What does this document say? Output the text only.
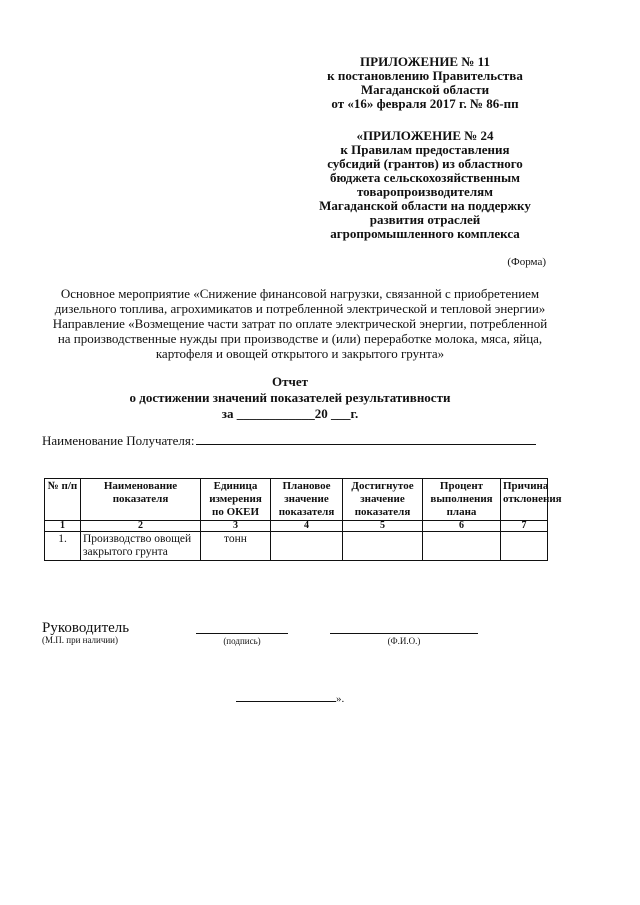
ПРИЛОЖЕНИЕ № 11
к постановлению Правительства
Магаданской области
от «16» февраля 2017 г. № 86-пп
«ПРИЛОЖЕНИЕ № 24
к Правилам предоставления
субсидий (грантов) из областного
бюджета сельскохозяйственным
товаропроизводителям
Магаданской области на поддержку
развития отраслей
агропромышленного комплекса
(Форма)
Основное мероприятие «Снижение финансовой нагрузки, связанной с приобретением
дизельного топлива, агрохимикатов и потребленной электрической и тепловой энергии»
Направление «Возмещение части затрат по оплате электрической энергии, потребленной
на производственные нужды при производстве и (или) переработке молока, мяса, яйца,
картофеля и овощей открытого и закрытого грунта»
Отчет
о достижении значений показателей результативности
за ____________20 ___г.
Наименование Получателя:
№ п/п	Наименование показателя	Единица измерения по ОКЕИ	Плановое значение показателя	Достигнутое значение показателя	Процент выполнения плана	Причина отклонения
1	2	3	4	5	6	7
1.	Производство овощей закрытого грунта	тонн				
Руководитель
(М.П. при наличии)	(подпись)	(Ф.И.О.)
».
